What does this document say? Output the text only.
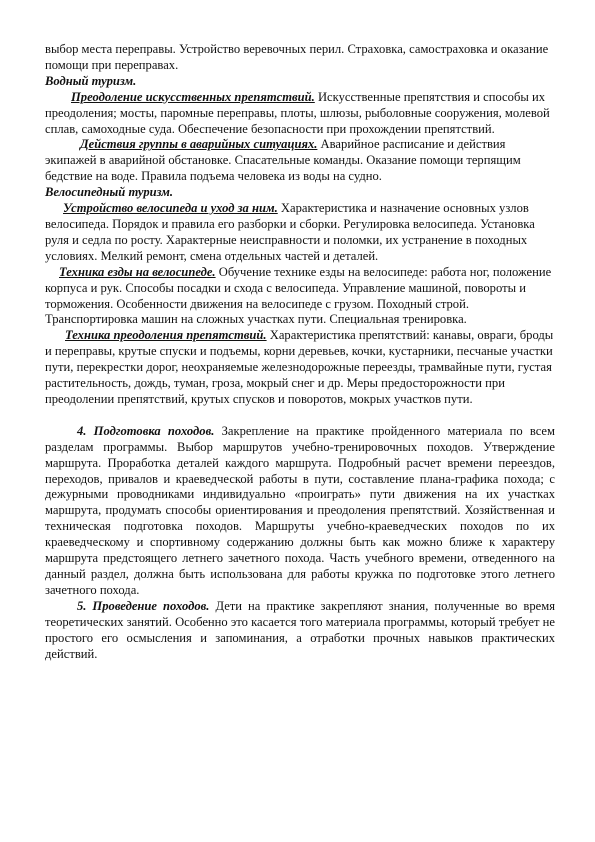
выбор места переправы. Устройство веревочных перил. Страховка, самостраховка и оказание помощи при переправах.

Водный туризм.

Преодоление искусственных препятствий. Искусственные препятствия и способы их преодоления; мосты, паромные переправы, плоты, шлюзы, рыболовные сооружения, молевой сплав, самоходные суда. Обеспечение безопасности при прохождении препятствий.

Действия группы в аварийных ситуациях. Аварийное расписание и действия экипажей в аварийной обстановке. Спасательные команды. Оказание помощи терпящим бедствие на воде. Правила подъема человека из воды на судно.

Велосипедный туризм.

Устройство велосипеда и уход за ним. Характеристика и назначение основных узлов велосипеда. Порядок и правила его разборки и сборки. Регулировка велосипеда. Установка руля и седла по росту. Характерные неисправности и поломки, их устранение в походных условиях. Мелкий ремонт, смена отдельных частей и деталей.

Техника езды на велосипеде. Обучение технике езды на велосипеде: работа ног, положение корпуса и рук. Способы посадки и схода с велосипеда. Управление машиной, повороты и торможения. Особенности движения на велосипеде с грузом. Походный строй. Транспортировка машин на сложных участках пути. Специальная тренировка.

Техника преодоления препятствий. Характеристика препятствий: канавы, овраги, броды и переправы, крутые спуски и подъемы, корни деревьев, кочки, кустарники, песчаные участки пути, перекрестки дорог, неохраняемые железнодорожные переезды, трамвайные пути, густая растительность, дождь, туман, гроза, мокрый снег и др. Меры предосторожности при преодолении препятствий, крутых спусков и поворотов, мокрых участков пути.

4. Подготовка походов. Закрепление на практике пройденного материала по всем разделам программы. Выбор маршрутов учебно-тренировочных походов. Утверждение маршрута. Проработка деталей каждого маршрута. Подробный расчет времени переездов, переходов, привалов и краеведческой работы в пути, составление плана-графика похода; с дежурными проводниками индивидуально «проиграть» пути движения на их участках маршрута, продумать способы ориентирования и преодоления препятствий. Хозяйственная и техническая подготовка походов. Маршруты учебно-краеведческих походов по их краеведческому и спортивному содержанию должны быть как можно ближе к характеру маршрута предстоящего летнего зачетного похода. Часть учебного времени, отведенного на данный раздел, должна быть использована для работы кружка по подготовке этого летнего зачетного похода.

5. Проведение походов. Дети на практике закрепляют знания, полученные во время теоретических занятий. Особенно это касается того материала программы, который требует не простого его осмысления и запоминания, а отработки прочных навыков практических действий.
